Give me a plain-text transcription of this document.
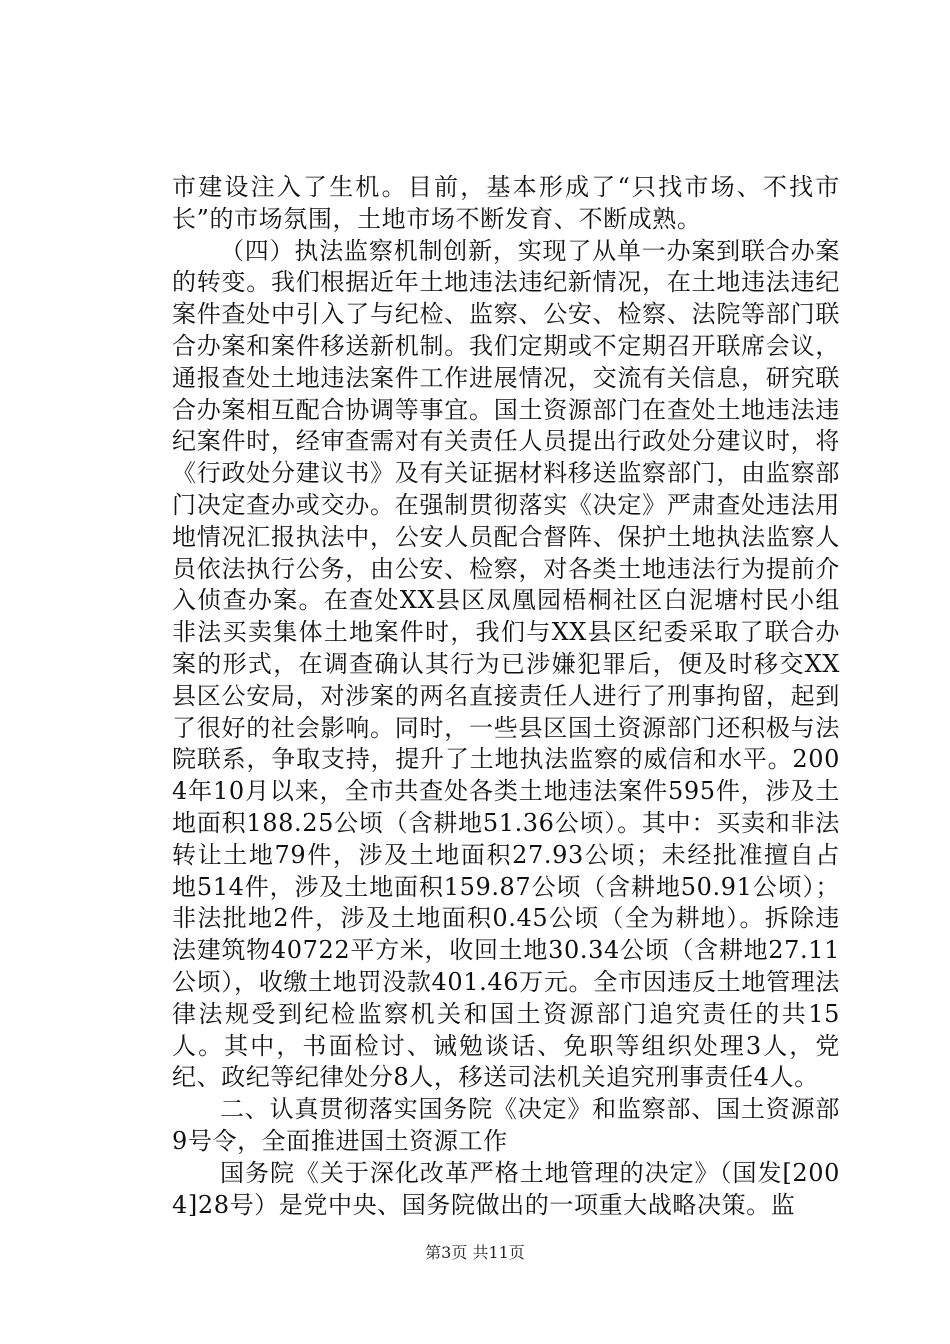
市建设注入了生机。目前，基本形成了“只找市场、不找市长”的市场氛围，土地市场不断发育、不断成熟。

（四）执法监察机制创新，实现了从单一办案到联合办案的转变。我们根据近年土地违法违纪新情况，在土地违法违纪案件查处中引入了与纪检、监察、公安、检察、法院等部门联合办案和案件移送新机制。我们定期或不定期召开联席会议，通报查处土地违法案件工作进展情况，交流有关信息，研究联合办案相互配合协调等事宜。国土资源部门在查处土地违法违纪案件时，经审查需对有关责任人员提出行政处分建议时，将《行政处分建议书》及有关证据材料移送监察部门，由监察部门决定查办或交办。在强制贯彻落实《决定》严肃查处违法用地情况汇报执法中，公安人员配合督阵、保护土地执法监察人员依法执行公务，由公安、检察，对各类土地违法行为提前介入侦查办案。在查处XX县区凤凰园梧桐社区白泥塘村民小组非法买卖集体土地案件时，我们与XX县区纪委采取了联合办案的形式，在调查确认其行为已涉嫌犯罪后，便及时移交XX县区公安局，对涉案的两名直接责任人进行了刑事拘留，起到了很好的社会影响。同时，一些县区国土资源部门还积极与法院联系，争取支持，提升了土地执法监察的威信和水平。2004年10月以来，全市共查处各类土地违法案件595件，涉及土地面积188.25公顷（含耕地51.36公顷）。其中：买卖和非法转让土地79件，涉及土地面积27.93公顷；未经批准擅自占地514件，涉及土地面积159.87公顷（含耕地50.91公顷）；非法批地2件，涉及土地面积0.45公顷（全为耕地）。拆除违法建筑物40722平方米，收回土地30.34公顷（含耕地27.11公顷），收缴土地罚没款401.46万元。全市因违反土地管理法律法规受到纪检监察机关和国土资源部门追究责任的共15人。其中，书面检讨、诫勉谈话、免职等组织处理3人，党纪、政纪等纪律处分8人，移送司法机关追究刑事责任4人。

二、认真贯彻落实国务院《决定》和监察部、国土资源部9号令，全面推进国土资源工作

国务院《关于深化改革严格土地管理的决定》（国发[2004]28号）是党中央、国务院做出的一项重大战略决策。监

第3页 共11页
